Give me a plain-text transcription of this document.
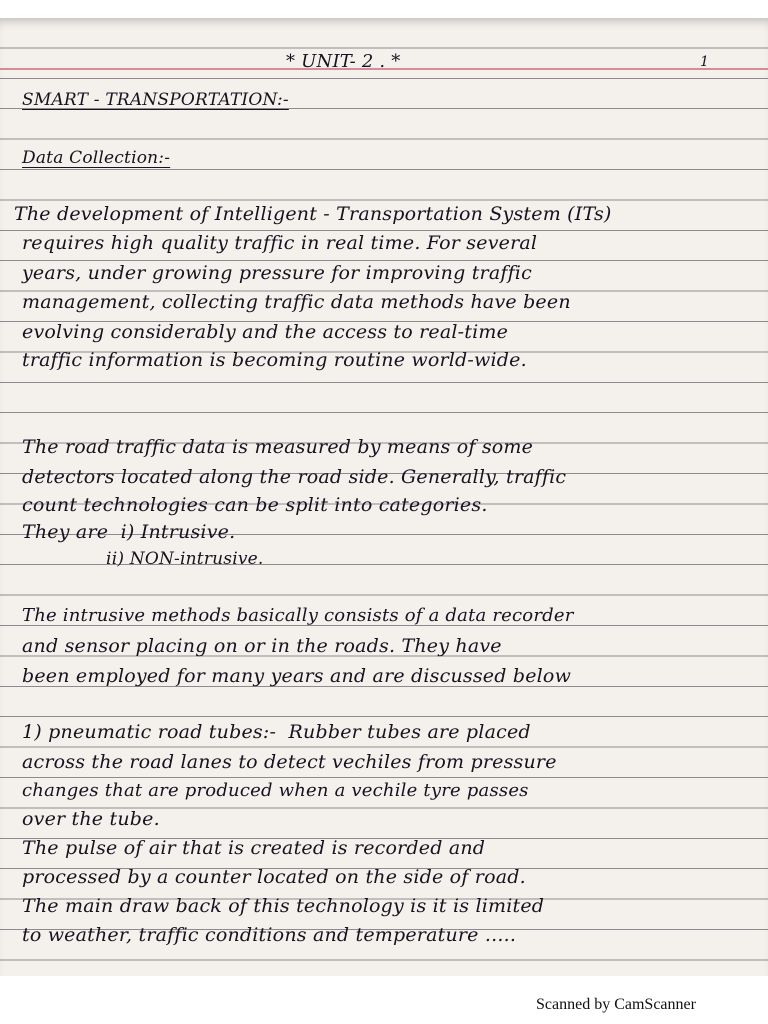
* UNIT- 2 . *	1
SMART - TRANSPORTATION:-
Data Collection:-
The development of Intelligent - Transportation System (ITs)
requires high quality traffic in real time. For several
years, under growing pressure for improving traffic
management, collecting traffic data methods have been
evolving considerably and the access to real-time
traffic information is becoming routine world-wide.
The road traffic data is measured by means of some
detectors located along the road side. Generally, traffic
count technologies can be split into categories.
They are  i) Intrusive.
ii) NON-intrusive.
The intrusive methods basically consists of a data recorder
and sensor placing on or in the roads. They have
been employed for many years and are discussed below
1) pneumatic road tubes:-  Rubber tubes are placed
across the road lanes to detect vechiles from pressure
changes that are produced when a vechile tyre passes
over the tube.
The pulse of air that is created is recorded and
processed by a counter located on the side of road.
The main draw back of this technology is it is limited
to weather, traffic conditions and temperature .....
Scanned by CamScanner
